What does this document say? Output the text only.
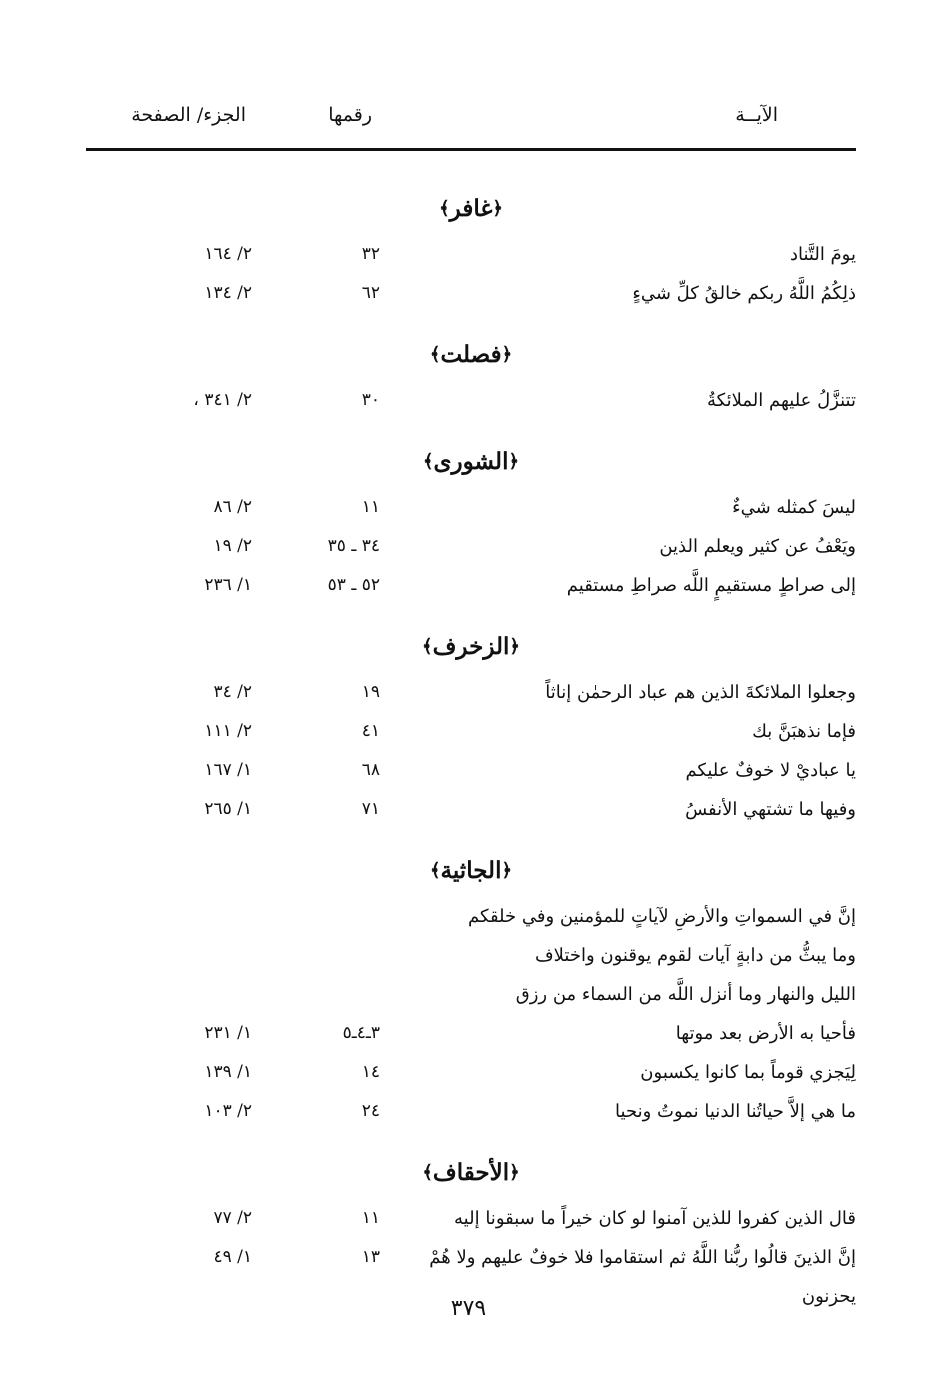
الآيــة
رقمها
الجزء/ الصفحة
﴿
غافر
﴾
يومَ التَّناد
٣٢
٢/ ١٦٤
ذلِكُمُ اللَّهُ ربكم خالقُ كلِّ شيءٍ
٦٢
٢/ ١٣٤
﴿
فصلت
﴾
تتنزَّلُ عليهم الملائكةُ
٣٠
٢/ ٣٤١ ،
﴿
الشورى
﴾
ليسَ كمثله شيءٌ
١١
٢/ ٨٦
ويَعْفُ عن كثير ويعلم الذين
٣٤ ـ ٣٥
٢/ ١٩
إلى صراطٍ مستقيمٍ اللَّه صراطِ مستقيم
٥٢ ـ ٥٣
١/ ٢٣٦
﴿
الزخرف
﴾
وجعلوا الملائكةَ الذين هم عباد الرحمٰن إناثاً
١٩
٢/ ٣٤
فإما نذهبَنَّ بك
٤١
٢/ ١١١
يا عباديْ لا خوفٌ عليكم
٦٨
١/ ١٦٧
وفيها ما تشتهي الأنفسُ
٧١
١/ ٢٦٥
﴿
الجاثية
﴾
إنَّ في السمواتِ والأرضِ لآياتٍ للمؤمنين وفي خلقكم
وما يبثُّ من دابةٍ آيات لقوم يوقنون واختلاف
الليل والنهار وما أنزل اللَّه من السماء من رزق
فأحيا به الأرض بعد موتها
٣ـ٤ـ٥
١/ ٢٣١
لِيَجزي قوماً بما كانوا يكسبون
١٤
١/ ١٣٩
ما هي إلاَّ حياتُنا الدنيا نموتُ ونحيا
٢٤
٢/ ١٠٣
﴿
الأحقاف
﴾
قال الذين كفروا للذين آمنوا لو كان خيراً ما سبقونا إليه
١١
٢/ ٧٧
إنَّ الذينَ قالُوا ربُّنا اللَّهُ ثم استقاموا فلا خوفٌ عليهم ولا هُمْ
١٣
١/ ٤٩
يحزنون
٣٧٩
